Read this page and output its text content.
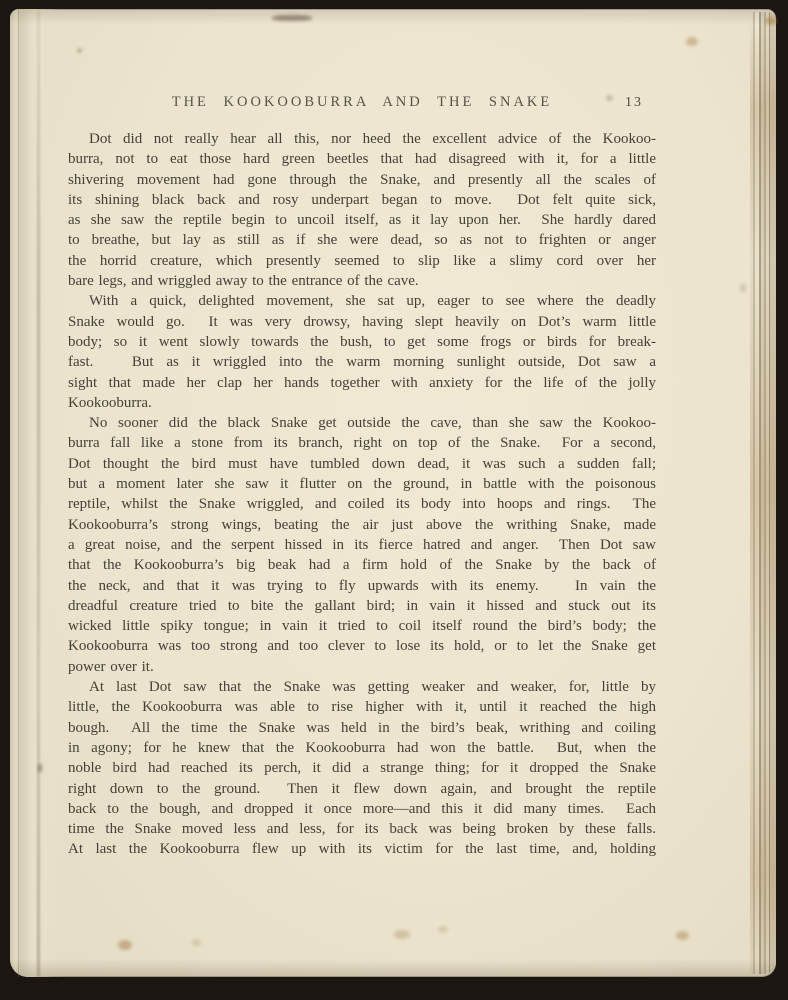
THE KOOKOOBURRA AND THE SNAKE	13
Dot did not really hear all this, nor heed the excellent advice of the Kookoo-
burra, not to eat those hard green beetles that had disagreed with it, for a little
shivering movement had gone through the Snake, and presently all the scales of
its shining black back and rosy underpart began to move.  Dot felt quite sick,
as she saw the reptile begin to uncoil itself, as it lay upon her.  She hardly dared
to breathe, but lay as still as if she were dead, so as not to frighten or anger
the horrid creature, which presently seemed to slip like a slimy cord over her
bare legs, and wriggled away to the entrance of the cave.
With a quick, delighted movement, she sat up, eager to see where the deadly
Snake would go.  It was very drowsy, having slept heavily on Dot’s warm little
body; so it went slowly towards the bush, to get some frogs or birds for break-
fast.   But as it wriggled into the warm morning sunlight outside, Dot saw a
sight that made her clap her hands together with anxiety for the life of the jolly
Kookooburra.
No sooner did the black Snake get outside the cave, than she saw the Kookoo-
burra fall like a stone from its branch, right on top of the Snake.  For a second,
Dot thought the bird must have tumbled down dead, it was such a sudden fall;
but a moment later she saw it flutter on the ground, in battle with the poisonous
reptile, whilst the Snake wriggled, and coiled its body into hoops and rings.  The
Kookooburra’s strong wings, beating the air just above the writhing Snake, made
a great noise, and the serpent hissed in its fierce hatred and anger.  Then Dot saw
that the Kookooburra’s big beak had a firm hold of the Snake by the back of
the neck, and that it was trying to fly upwards with its enemy.   In vain the
dreadful creature tried to bite the gallant bird; in vain it hissed and stuck out its
wicked little spiky tongue; in vain it tried to coil itself round the bird’s body; the
Kookooburra was too strong and too clever to lose its hold, or to let the Snake get
power over it.
At last Dot saw that the Snake was getting weaker and weaker, for, little by
little, the Kookooburra was able to rise higher with it, until it reached the high
bough.  All the time the Snake was held in the bird’s beak, writhing and coiling
in agony; for he knew that the Kookooburra had won the battle.  But, when the
noble bird had reached its perch, it did a strange thing; for it dropped the Snake
right down to the ground.  Then it flew down again, and brought the reptile
back to the bough, and dropped it once more—and this it did many times.  Each
time the Snake moved less and less, for its back was being broken by these falls.
At last the Kookooburra flew up with its victim for the last time, and, holding
